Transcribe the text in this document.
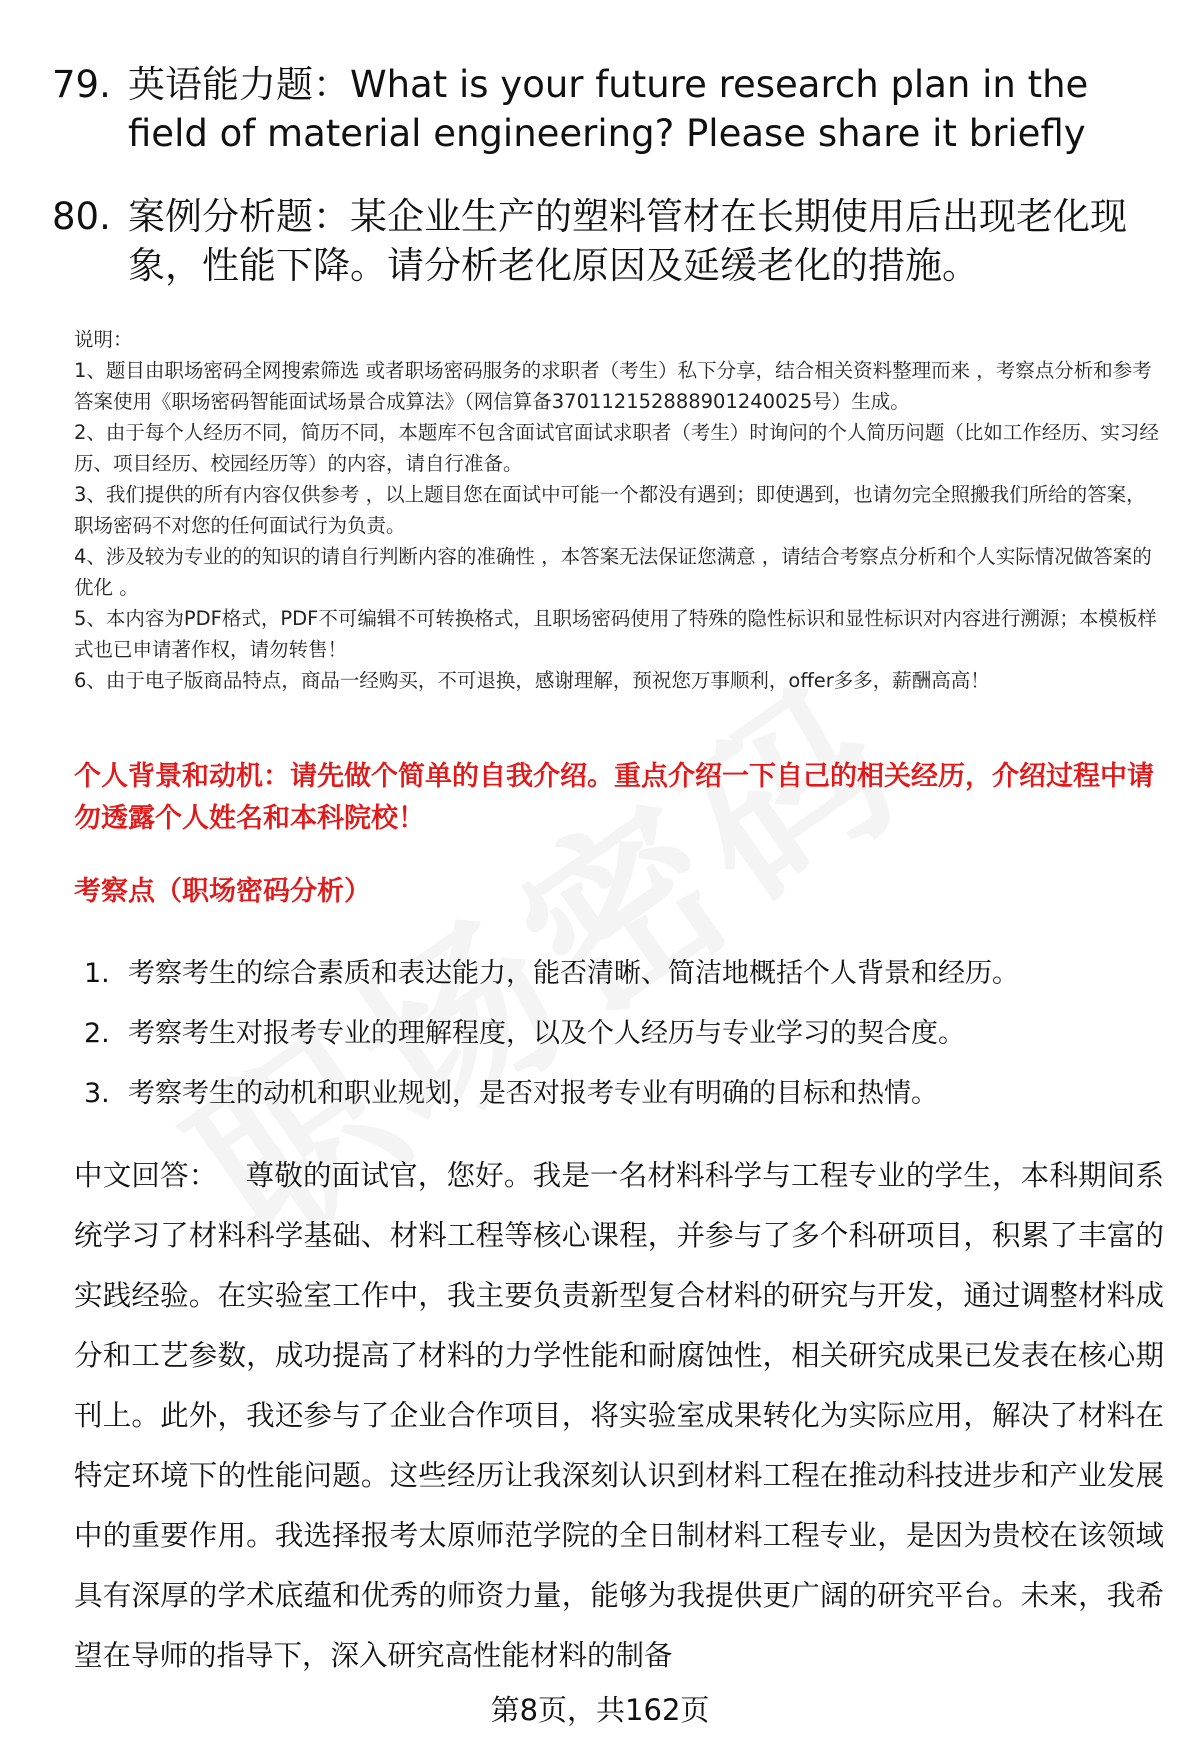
79. 英语能力题：What is your future research plan in the field of material engineering? Please share it briefly
80. 案例分析题：某企业生产的塑料管材在长期使用后出现老化现象，性能下降。请分析老化原因及延缓老化的措施。
说明：
1、题目由职场密码全网搜索筛选 或者职场密码服务的求职者（考生）私下分享，结合相关资料整理而来 ，考察点分析和参考答案使用《职场密码智能面试场景合成算法》（网信算备370112152888901240025号）生成。
2、由于每个人经历不同，简历不同，本题库不包含面试官面试求职者（考生）时询问的个人简历问题（比如工作经历、实习经历、项目经历、校园经历等）的内容，请自行准备。
3、我们提供的所有内容仅供参考 ，以上题目您在面试中可能一个都没有遇到；即使遇到，也请勿完全照搬我们所给的答案，职场密码不对您的任何面试行为负责。
4、涉及较为专业的的知识的请自行判断内容的准确性 ，本答案无法保证您满意 ，请结合考察点分析和个人实际情况做答案的优化 。
5、本内容为PDF格式，PDF不可编辑不可转换格式，且职场密码使用了特殊的隐性标识和显性标识对内容进行溯源；本模板样式也已申请著作权，请勿转售！
6、由于电子版商品特点，商品一经购买，不可退换，感谢理解，预祝您万事顺利，offer多多，薪酬高高！
个人背景和动机：请先做个简单的自我介绍。重点介绍一下自己的相关经历，介绍过程中请勿透露个人姓名和本科院校！
考察点（职场密码分析）
1. 考察考生的综合素质和表达能力，能否清晰、简洁地概括个人背景和经历。
2. 考察考生对报考专业的理解程度，以及个人经历与专业学习的契合度。
3. 考察考生的动机和职业规划，是否对报考专业有明确的目标和热情。
中文回答： 尊敬的面试官，您好。我是一名材料科学与工程专业的学生，本科期间系统学习了材料科学基础、材料工程等核心课程，并参与了多个科研项目，积累了丰富的实践经验。在实验室工作中，我主要负责新型复合材料的研究与开发，通过调整材料成分和工艺参数，成功提高了材料的力学性能和耐腐蚀性，相关研究成果已发表在核心期刊上。此外，我还参与了企业合作项目，将实验室成果转化为实际应用，解决了材料在特定环境下的性能问题。这些经历让我深刻认识到材料工程在推动科技进步和产业发展中的重要作用。我选择报考太原师范学院的全日制材料工程专业，是因为贵校在该领域具有深厚的学术底蕴和优秀的师资力量，能够为我提供更广阔的研究平台。未来，我希望在导师的指导下，深入研究高性能材料的制备
第8页，共162页
